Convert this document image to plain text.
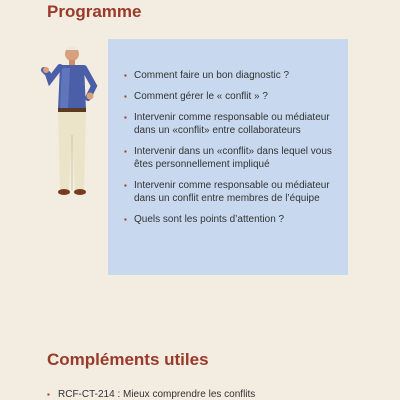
Programme
▪ Comment faire un bon diagnostic ?
▪ Comment gérer le « conflit » ?
▪ Intervenir comme responsable ou médiateur dans un «conflit» entre collaborateurs
▪ Intervenir dans un «conflit» dans lequel vous êtes personnellement impliqué
▪ Intervenir comme responsable ou médiateur dans un conflit entre membres de l’équipe
▪ Quels sont les points d’attention ?
Compléments utiles
▪ RCF-CT-214 : Mieux comprendre les conflits
